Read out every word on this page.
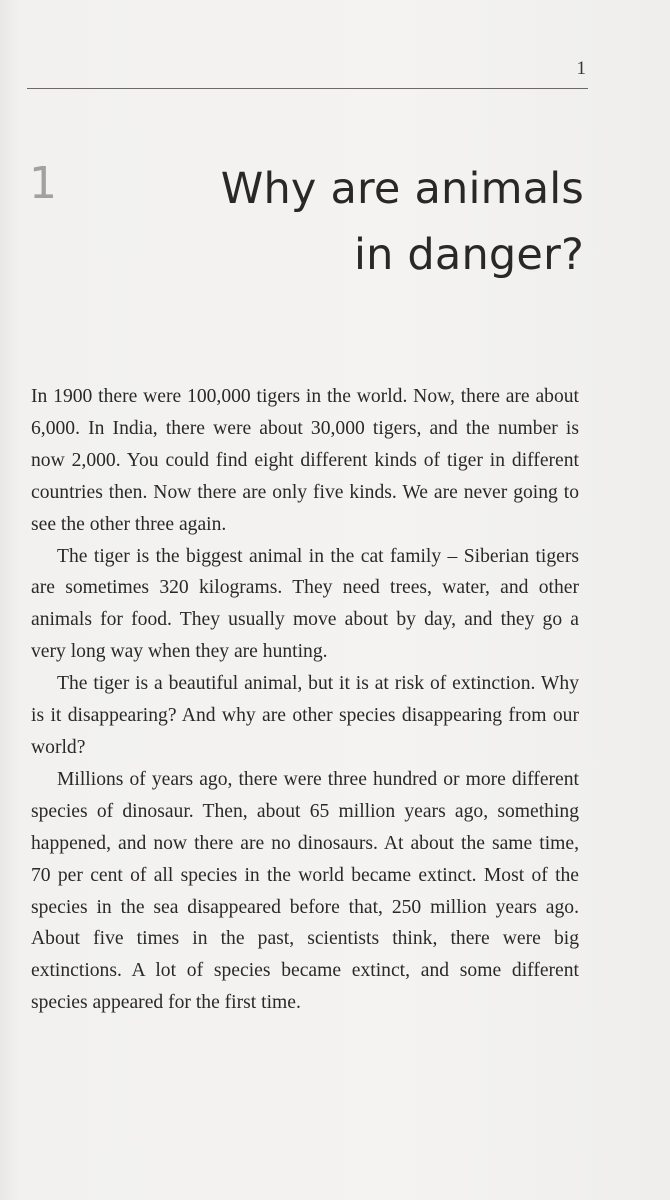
1
1	Why are animals
in danger?

In 1900 there were 100,000 tigers in the world. Now, there are about 6,000. In India, there were about 30,000 tigers, and the number is now 2,000. You could find eight different kinds of tiger in different countries then. Now there are only five kinds. We are never going to see the other three again.

The tiger is the biggest animal in the cat family – Siberian tigers are sometimes 320 kilograms. They need trees, water, and other animals for food. They usually move about by day, and they go a very long way when they are hunting.

The tiger is a beautiful animal, but it is at risk of extinction. Why is it disappearing? And why are other species disappearing from our world?

Millions of years ago, there were three hundred or more different species of dinosaur. Then, about 65 million years ago, something happened, and now there are no dinosaurs. At about the same time, 70 per cent of all species in the world became extinct. Most of the species in the sea disappeared before that, 250 million years ago. About five times in the past, scientists think, there were big extinctions. A lot of species became extinct, and some different species appeared for the first time.
